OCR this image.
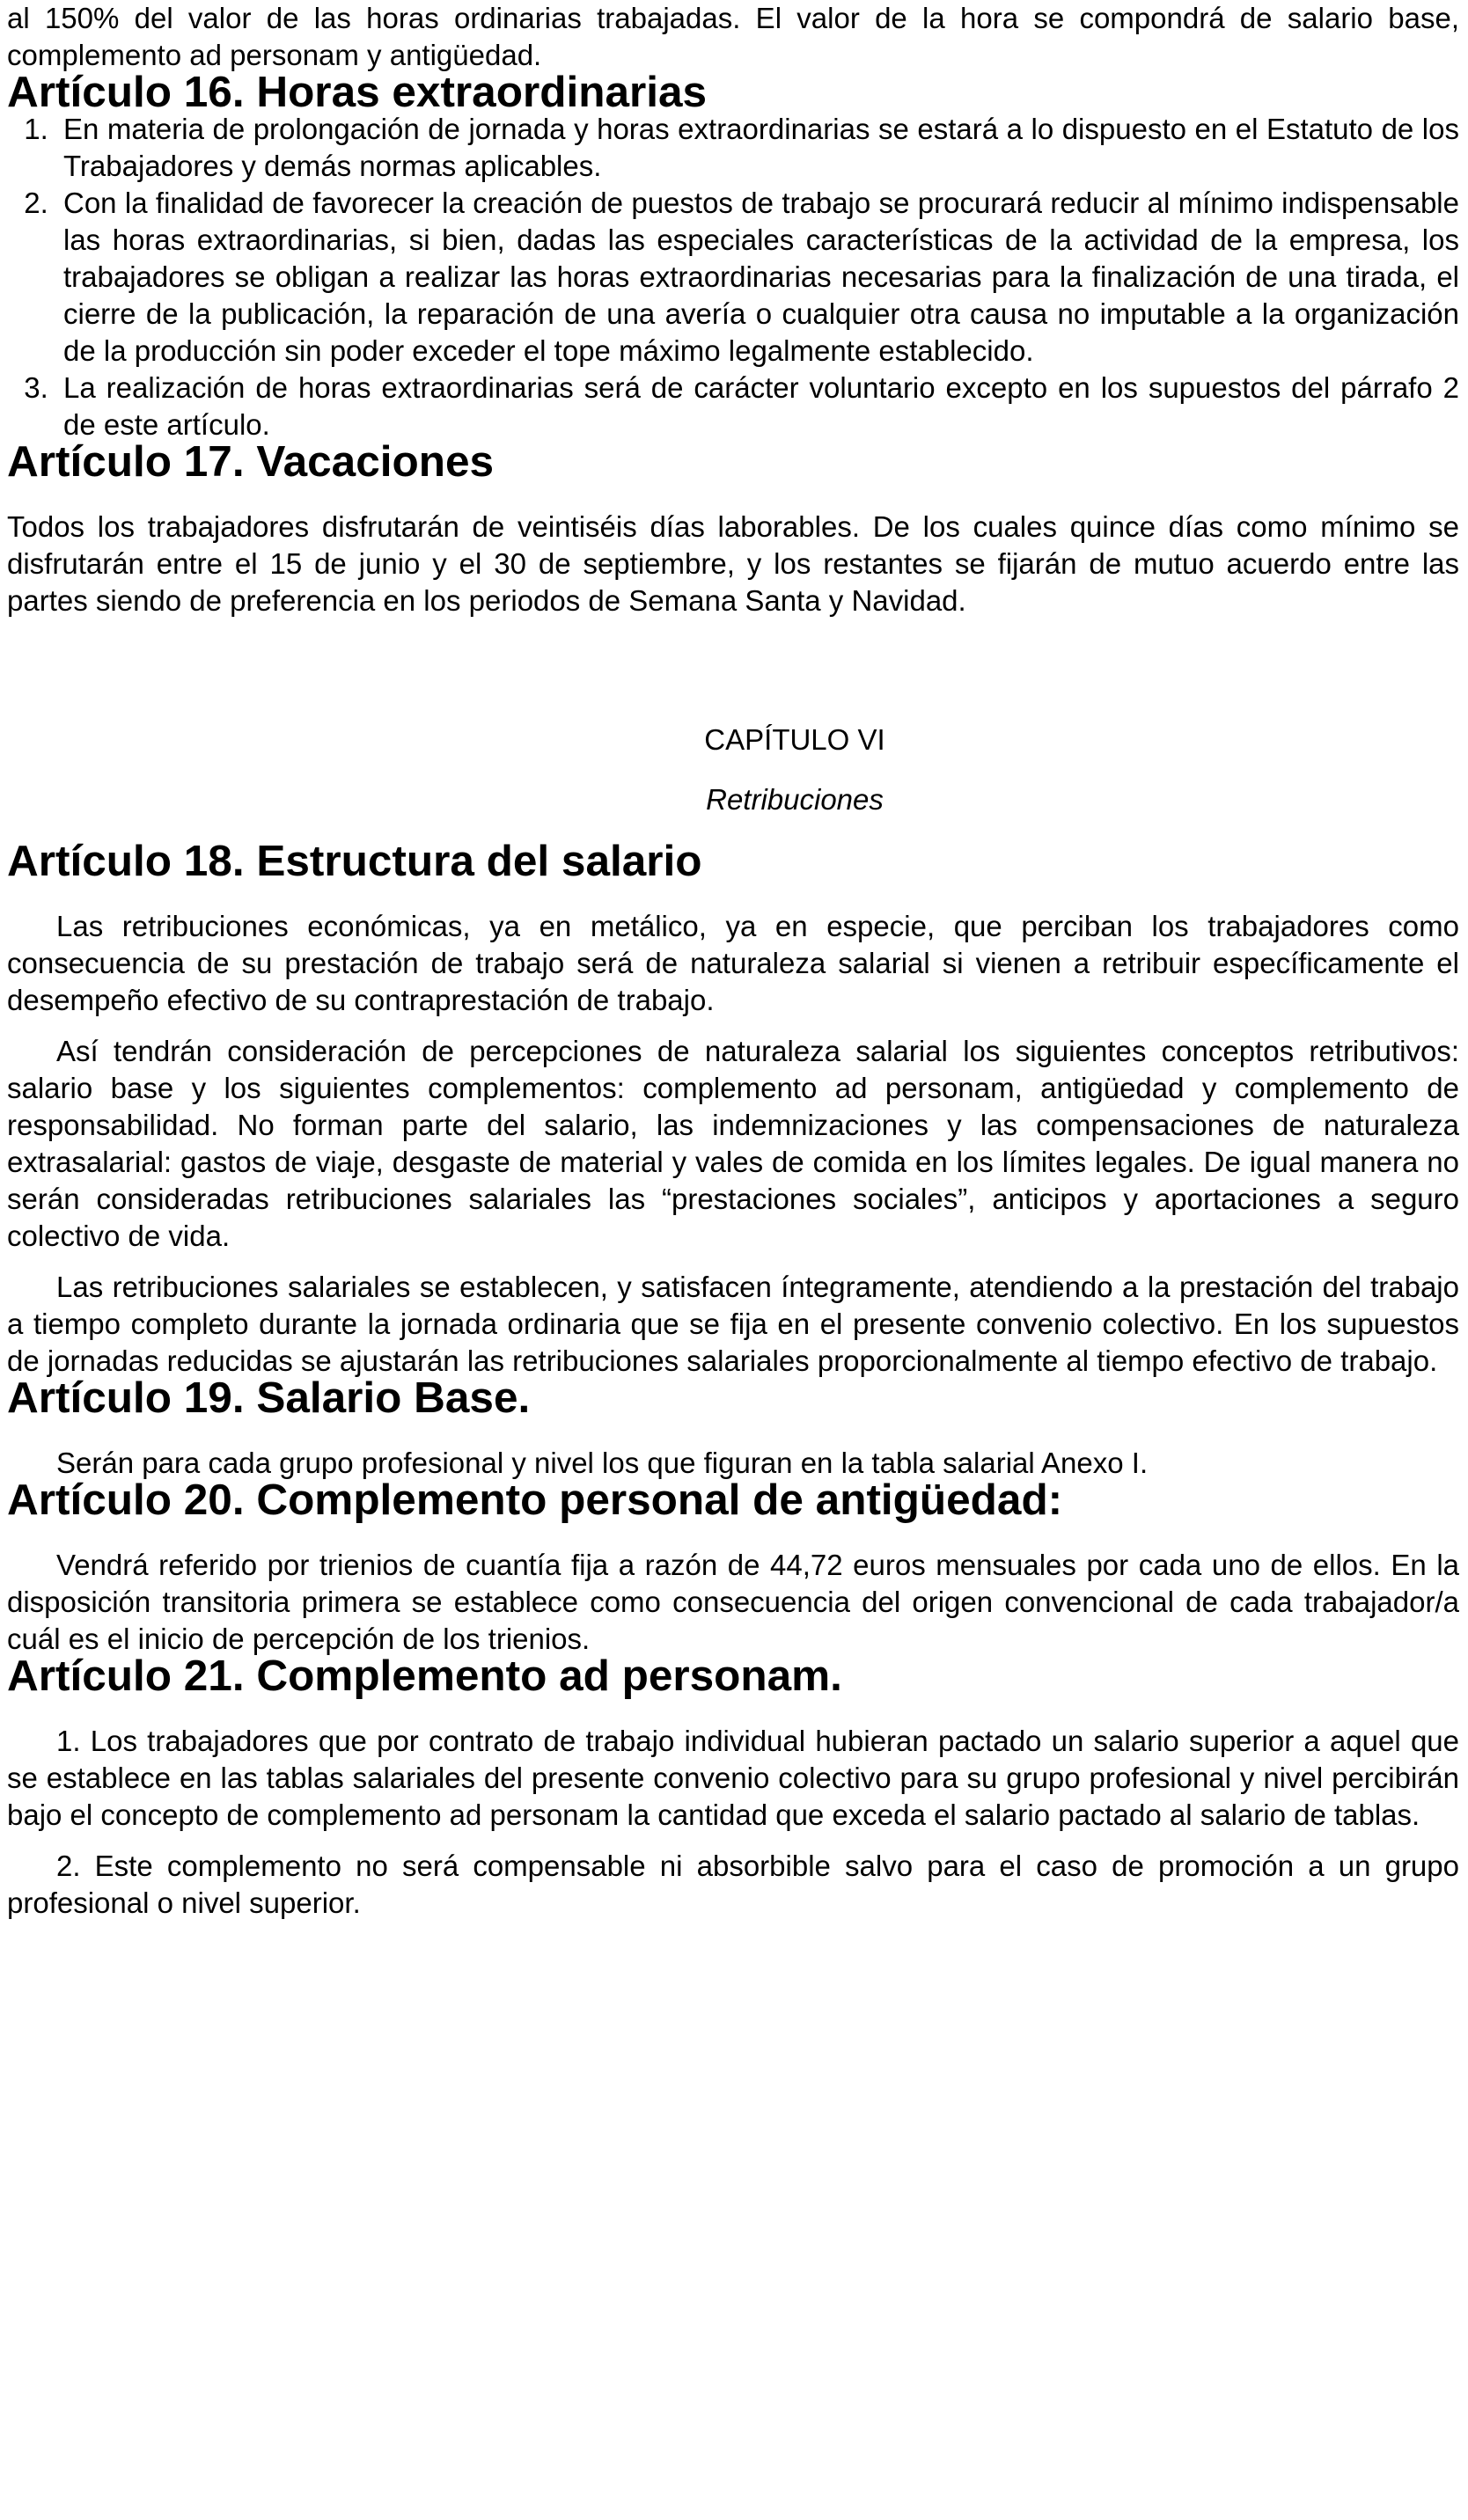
al 150% del valor de las horas ordinarias trabajadas. El valor de la hora se compondrá de salario base, complemento ad personam y antigüedad.

Artículo 16. Horas extraordinarias
1. En materia de prolongación de jornada y horas extraordinarias se estará a lo dispuesto en el Estatuto de los Trabajadores y demás normas aplicables.
2. Con la finalidad de favorecer la creación de puestos de trabajo se procurará reducir al mínimo indispensable las horas extraordinarias, si bien, dadas las especiales características de la actividad de la empresa, los trabajadores se obligan a realizar las horas extraordinarias necesarias para la finalización de una tirada, el cierre de la publicación, la reparación de una avería o cualquier otra causa no imputable a la organización de la producción sin poder exceder el tope máximo legalmente establecido.
3. La realización de horas extraordinarias será de carácter voluntario excepto en los supuestos del párrafo 2 de este artículo.
Artículo 17. Vacaciones

Todos los trabajadores disfrutarán de veintiséis días laborables. De los cuales quince días como mínimo se disfrutarán entre el 15 de junio y el 30 de septiembre, y los restantes se fijarán de mutuo acuerdo entre las partes siendo de preferencia en los periodos de Semana Santa y Navidad.

CAPÍTULO VI

Retribuciones

Artículo 18. Estructura del salario

Las retribuciones económicas, ya en metálico, ya en especie, que perciban los trabajadores como consecuencia de su prestación de trabajo será de naturaleza salarial si vienen a retribuir específicamente el desempeño efectivo de su contraprestación de trabajo.

Así tendrán consideración de percepciones de naturaleza salarial los siguientes conceptos retributivos: salario base y los siguientes complementos: complemento ad personam, antigüedad y complemento de responsabilidad. No forman parte del salario, las indemnizaciones y las compensaciones de naturaleza extrasalarial: gastos de viaje, desgaste de material y vales de comida en los límites legales. De igual manera no serán consideradas retribuciones salariales las “prestaciones sociales”, anticipos y aportaciones a seguro colectivo de vida.

Las retribuciones salariales se establecen, y satisfacen íntegramente, atendiendo a la prestación del trabajo a tiempo completo durante la jornada ordinaria que se fija en el presente convenio colectivo. En los supuestos de jornadas reducidas se ajustarán las retribuciones salariales proporcionalmente al tiempo efectivo de trabajo.

Artículo 19. Salario Base.

Serán para cada grupo profesional y nivel los que figuran en la tabla salarial Anexo I.

Artículo 20. Complemento personal de antigüedad:

Vendrá referido por trienios de cuantía fija a razón de 44,72 euros mensuales por cada uno de ellos. En la disposición transitoria primera se establece como consecuencia del origen convencional de cada trabajador/a cuál es el inicio de percepción de los trienios.

Artículo 21. Complemento ad personam.

1. Los trabajadores que por contrato de trabajo individual hubieran pactado un salario superior a aquel que se establece en las tablas salariales del presente convenio colectivo para su grupo profesional y nivel percibirán bajo el concepto de complemento ad personam la cantidad que exceda el salario pactado al salario de tablas.

2. Este complemento no será compensable ni absorbible salvo para el caso de promoción a un grupo profesional o nivel superior.
